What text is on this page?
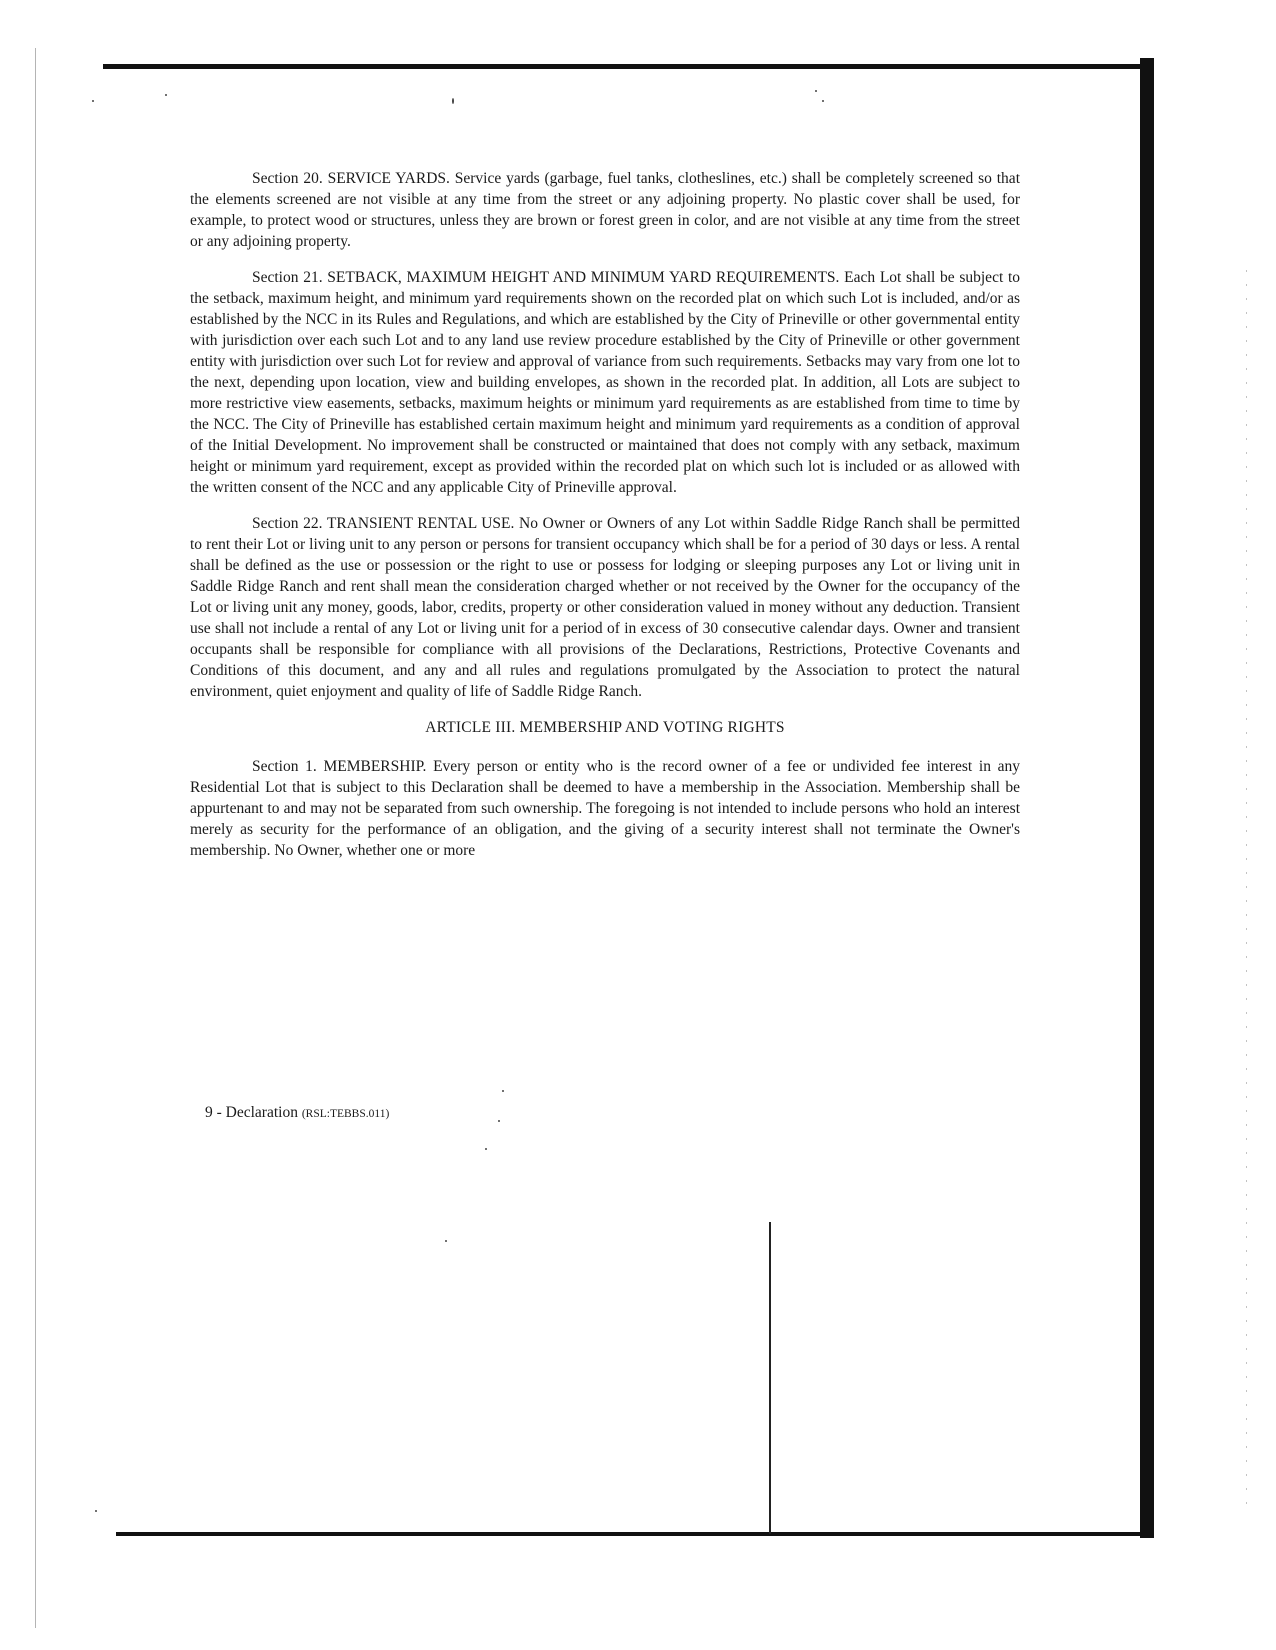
Section 20. SERVICE YARDS. Service yards (garbage, fuel tanks, clotheslines, etc.) shall be completely screened so that the elements screened are not visible at any time from the street or any adjoining property. No plastic cover shall be used, for example, to protect wood or structures, unless they are brown or forest green in color, and are not visible at any time from the street or any adjoining property.

Section 21. SETBACK, MAXIMUM HEIGHT AND MINIMUM YARD REQUIREMENTS. Each Lot shall be subject to the setback, maximum height, and minimum yard requirements shown on the recorded plat on which such Lot is included, and/or as established by the NCC in its Rules and Regulations, and which are established by the City of Prineville or other governmental entity with jurisdiction over each such Lot and to any land use review procedure established by the City of Prineville or other government entity with jurisdiction over such Lot for review and approval of variance from such requirements. Setbacks may vary from one lot to the next, depending upon location, view and building envelopes, as shown in the recorded plat. In addition, all Lots are subject to more restrictive view easements, setbacks, maximum heights or minimum yard requirements as are established from time to time by the NCC. The City of Prineville has established certain maximum height and minimum yard requirements as a condition of approval of the Initial Development. No improvement shall be constructed or maintained that does not comply with any setback, maximum height or minimum yard requirement, except as provided within the recorded plat on which such lot is included or as allowed with the written consent of the NCC and any applicable City of Prineville approval.

Section 22. TRANSIENT RENTAL USE. No Owner or Owners of any Lot within Saddle Ridge Ranch shall be permitted to rent their Lot or living unit to any person or persons for transient occupancy which shall be for a period of 30 days or less. A rental shall be defined as the use or possession or the right to use or possess for lodging or sleeping purposes any Lot or living unit in Saddle Ridge Ranch and rent shall mean the consideration charged whether or not received by the Owner for the occupancy of the Lot or living unit any money, goods, labor, credits, property or other consideration valued in money without any deduction. Transient use shall not include a rental of any Lot or living unit for a period of in excess of 30 consecutive calendar days. Owner and transient occupants shall be responsible for compliance with all provisions of the Declarations, Restrictions, Protective Covenants and Conditions of this document, and any and all rules and regulations promulgated by the Association to protect the natural environment, quiet enjoyment and quality of life of Saddle Ridge Ranch.

ARTICLE III. MEMBERSHIP AND VOTING RIGHTS

Section 1. MEMBERSHIP. Every person or entity who is the record owner of a fee or undivided fee interest in any Residential Lot that is subject to this Declaration shall be deemed to have a membership in the Association. Membership shall be appurtenant to and may not be separated from such ownership. The foregoing is not intended to include persons who hold an interest merely as security for the performance of an obligation, and the giving of a security interest shall not terminate the Owner's membership. No Owner, whether one or more

9 - Declaration (RSL:TEBBS.011)
